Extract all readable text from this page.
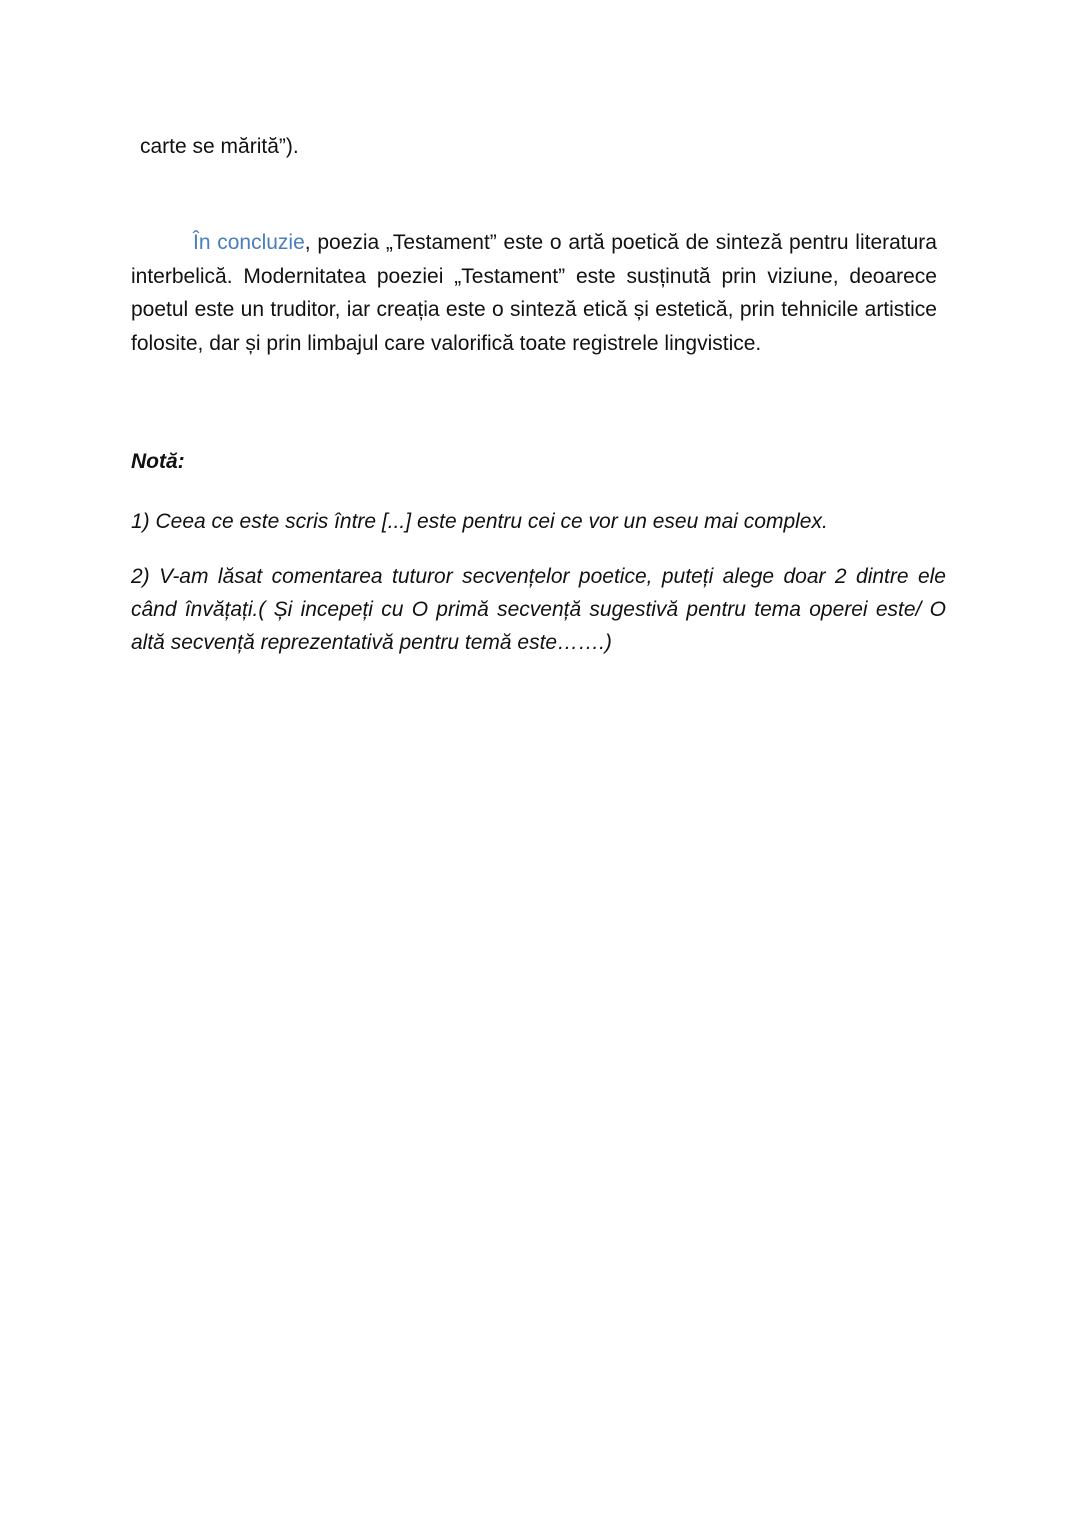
carte se mărită”).

În concluzie, poezia „Testament” este o artă poetică de sinteză pentru literatura interbelică. Modernitatea poeziei „Testament” este susținută prin viziune, deoarece poetul este un truditor, iar creația este o sinteză etică și estetică, prin tehnicile artistice folosite, dar și prin limbajul care valorifică toate registrele lingvistice.

Notă:

1) Ceea ce este scris între [...] este pentru cei ce vor un eseu mai complex.

2) V-am lăsat comentarea tuturor secvențelor poetice, puteți alege doar 2 dintre ele când învățați.( Și incepeți cu O primă secvență sugestivă pentru tema operei este/ O altă secvență reprezentativă pentru temă este…….)
